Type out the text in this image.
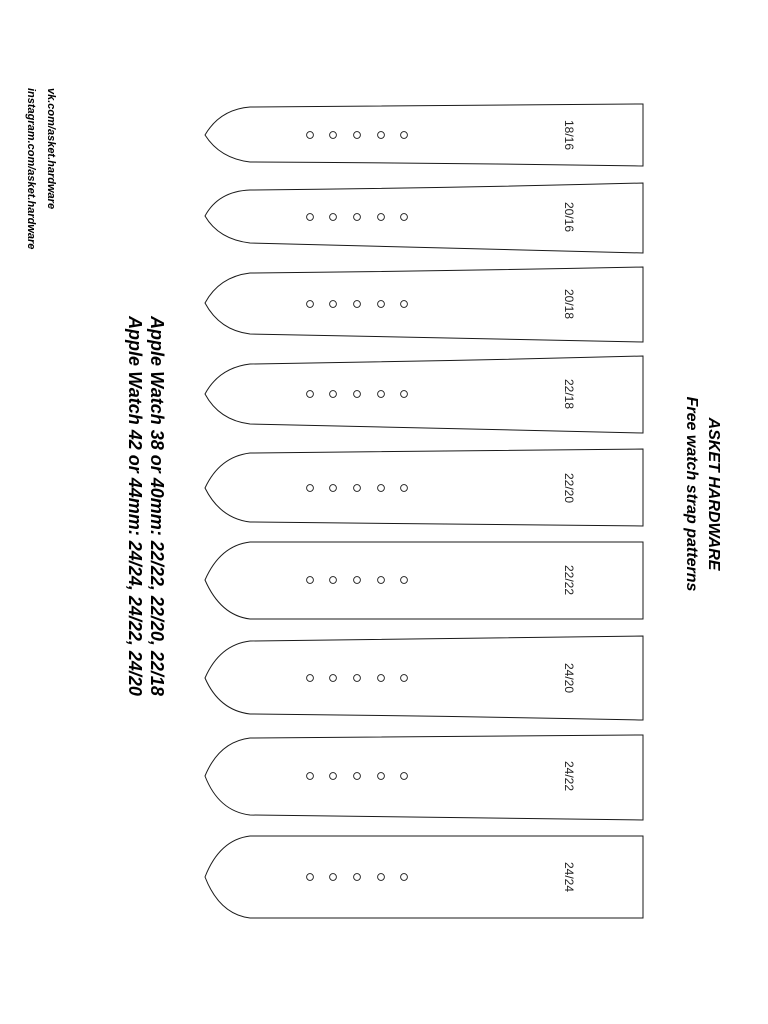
ASKET HARDWARE
Free watch strap patterns
Apple Watch 38 or 40mm: 22/22, 22/20, 22/18
Apple Watch 42 or 44mm: 24/24, 24/22, 24/20
vk.com/asket.hardware
instagram.com/asket.hardware	18/16
20/16
20/18
22/18
22/20
22/22
24/20
24/22
24/24
